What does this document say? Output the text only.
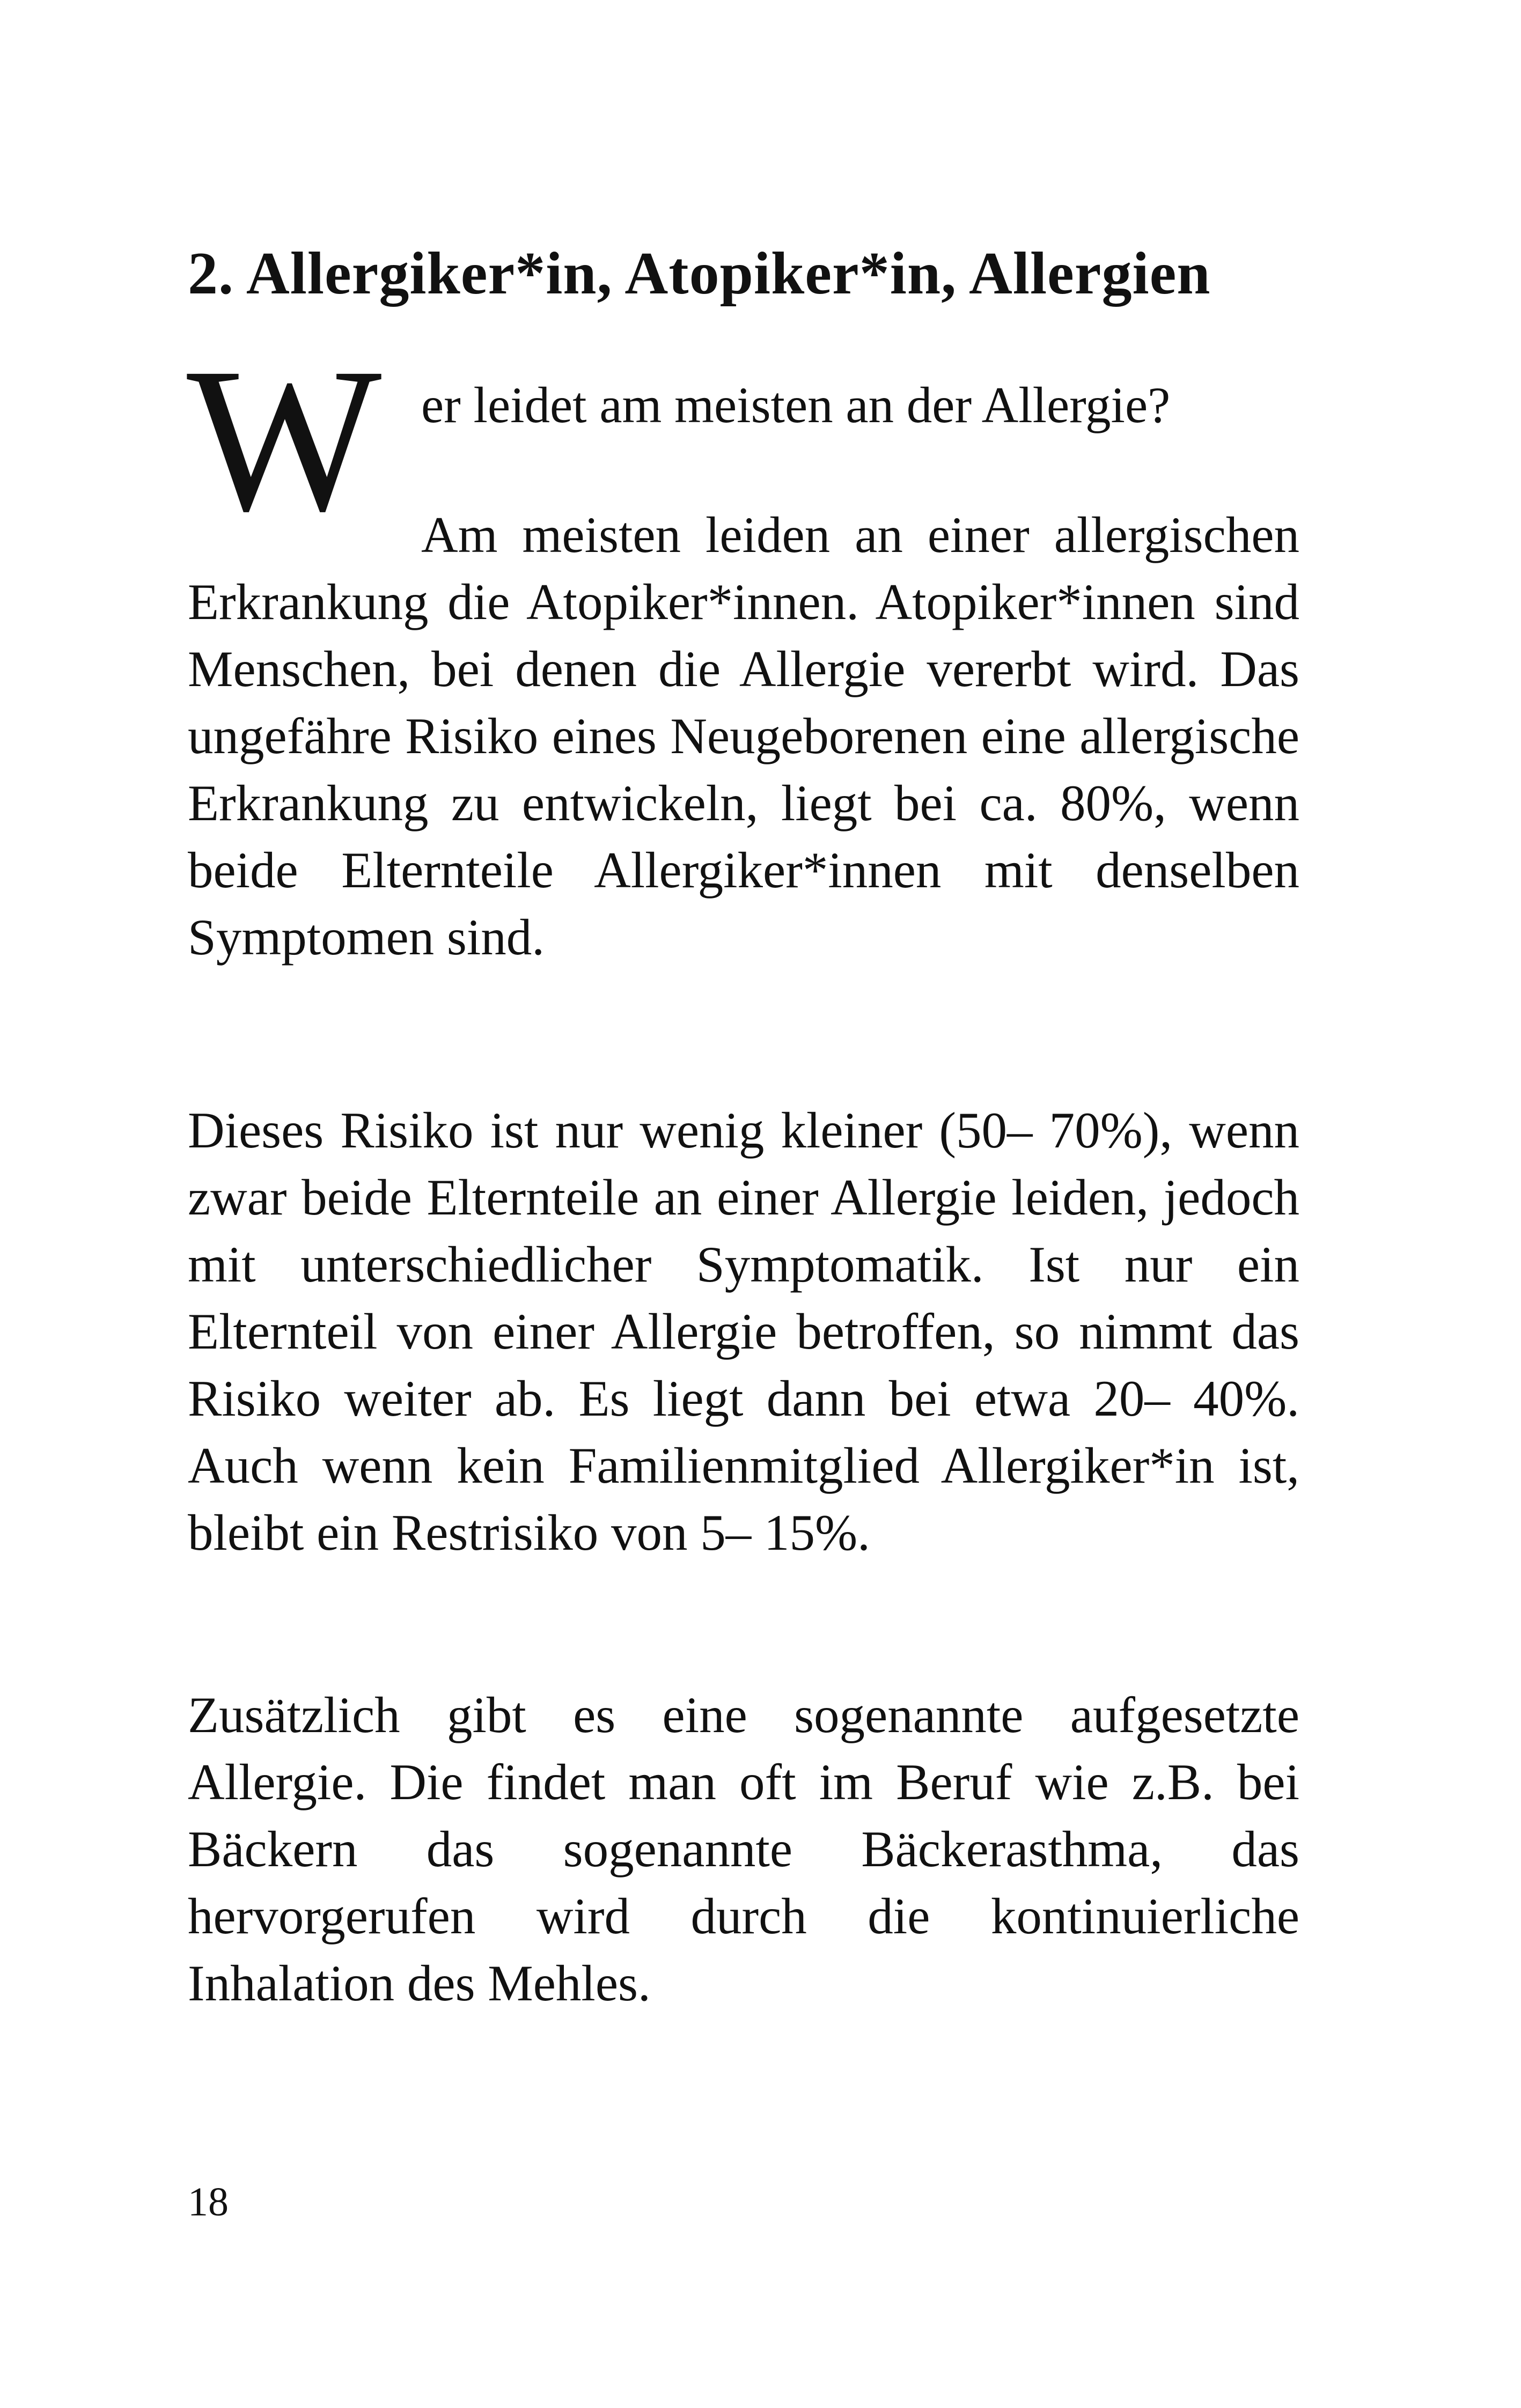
2. Allergiker*in, Atopiker*in, Allergien
W er leidet am meisten an der Allergie?

Am meisten leiden an einer allergischen Erkrankung die Atopiker*innen. Atopiker*innen sind Menschen, bei denen die Allergie vererbt wird. Das ungefähre Risiko eines Neugeborenen eine allergische Erkrankung zu entwickeln, liegt bei ca. 80%, wenn beide Elternteile Allergiker*innen mit denselben Symptomen sind.

Dieses Risiko ist nur wenig kleiner (50– 70%), wenn zwar beide Elternteile an einer Allergie leiden, jedoch mit unterschiedlicher Symptomatik. Ist nur ein Elternteil von einer Allergie betroffen, so nimmt das Risiko weiter ab. Es liegt dann bei etwa 20– 40%. Auch wenn kein Familienmitglied Allergiker*in ist, bleibt ein Restrisiko von 5– 15%.

Zusätzlich gibt es eine sogenannte aufgesetzte Allergie. Die findet man oft im Beruf wie z.B. bei Bäckern das sogenannte Bäckerasthma, das hervorgerufen wird durch die kontinuierliche Inhalation des Mehles.

18
